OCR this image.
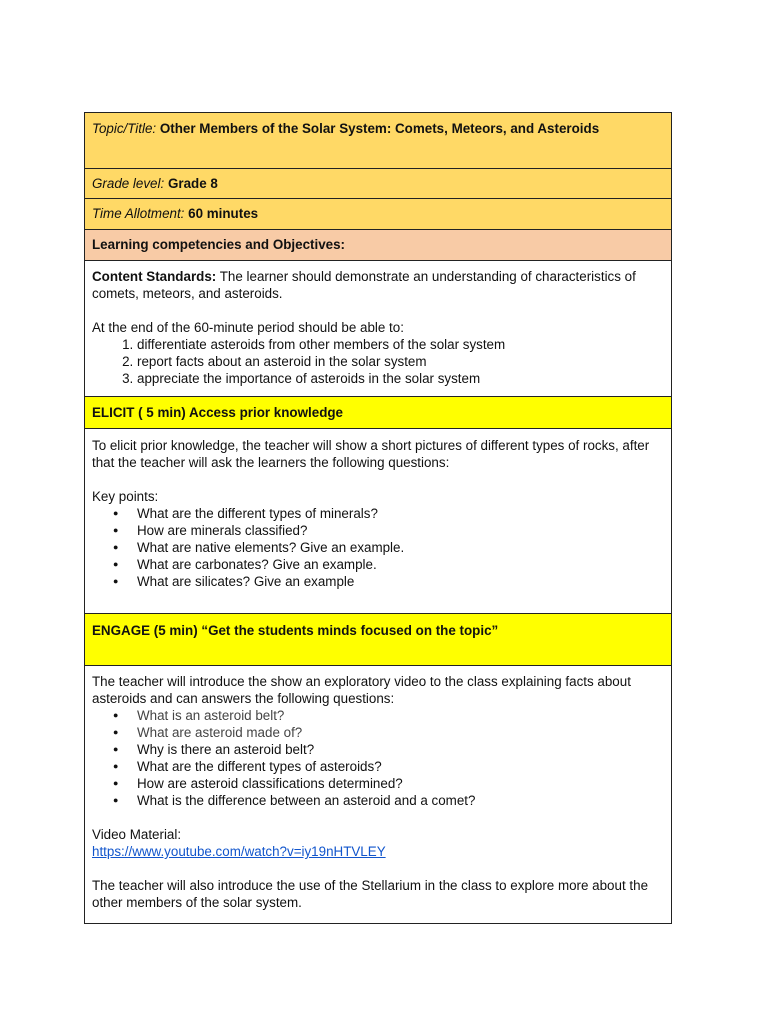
Topic/Title: Other Members of the Solar System: Comets, Meteors, and Asteroids
Grade level: Grade 8
Time Allotment: 60 minutes
Learning competencies and Objectives:

Content Standards: The learner should demonstrate an understanding of characteristics of comets, meteors, and asteroids.

At the end of the 60-minute period should be able to:

1. differentiate asteroids from other members of the solar system
2. report facts about an asteroid in the solar system
3. appreciate the importance of asteroids in the solar system

ELICIT ( 5 min) Access prior knowledge

To elicit prior knowledge, the teacher will show a short pictures of different types of rocks, after that the teacher will ask the learners the following questions:

Key points:

● What are the different types of minerals?
● How are minerals classified?
● What are native elements? Give an example.
● What are carbonates? Give an example.
● What are silicates? Give an example

ENGAGE (5 min) “Get the students minds focused on the topic”

The teacher will introduce the show an exploratory video to the class explaining facts about asteroids and can answers the following questions:

● What is an asteroid belt?
● What are asteroid made of?
● Why is there an asteroid belt?
● What are the different types of asteroids?
● How are asteroid classifications determined?
● What is the difference between an asteroid and a comet?

Video Material:

https://www.youtube.com/watch?v=iy19nHTVLEY

The teacher will also introduce the use of the Stellarium in the class to explore more about the other members of the solar system.
